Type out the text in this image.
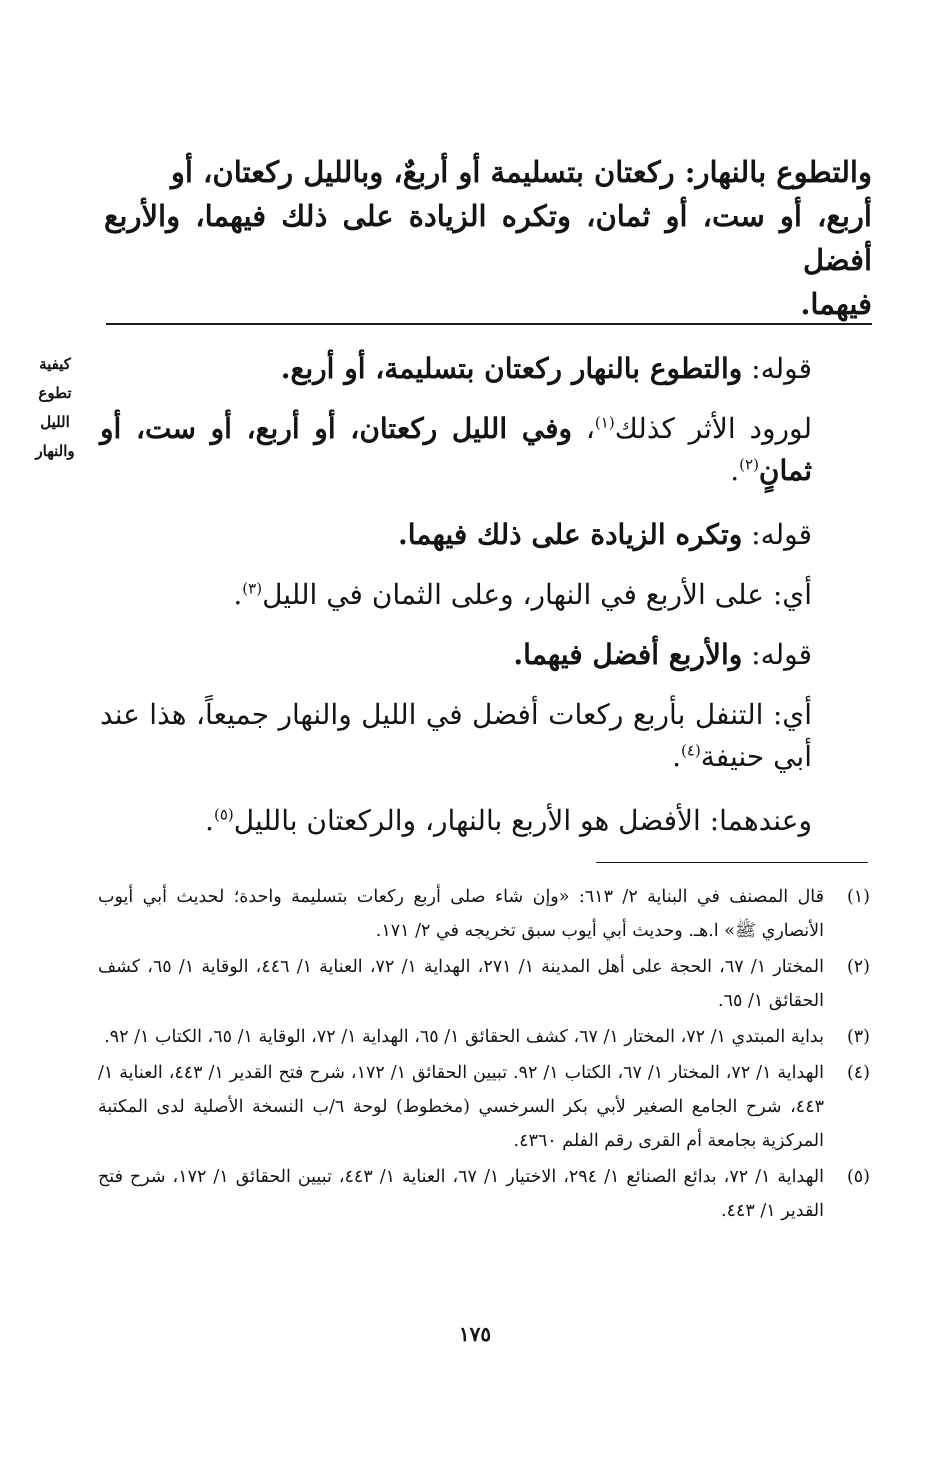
والتطوع بالنهار: ركعتان بتسليمة أو أربعٌ، وبالليل ركعتان، أو

أربع، أو ست، أو ثمان، وتكره الزيادة على ذلك فيهما، والأربع أفضل

فيهما.

كيفية
تطوع
الليل
والنهار

قوله: والتطوع بالنهار ركعتان بتسليمة، أو أربع.

لورود الأثر كذلك$^{(١)}$، وفي الليل ركعتان، أو أربع، أو ست، أو ثمانٍ$^{(٢)}$.

قوله: وتكره الزيادة على ذلك فيهما.

أي: على الأربع في النهار، وعلى الثمان في الليل$^{(٣)}$.

قوله: والأربع أفضل فيهما.

أي: التنفل بأربع ركعات أفضل في الليل والنهار جميعاً، هذا عند أبي حنيفة$^{(٤)}$.

وعندهما: الأفضل هو الأربع بالنهار، والركعتان بالليل$^{(٥)}$.

(١)
قال المصنف في البناية ٢/ ٦١٣: «وإن شاء صلى أربع ركعات بتسليمة واحدة؛ لحديث أبي أيوب الأنصاري ﷺ» ا.هـ. وحديث أبي أيوب سبق تخريجه في ٢/ ١٧١.
(٢)
المختار ١/ ٦٧، الحجة على أهل المدينة ١/ ٢٧١، الهداية ١/ ٧٢، العناية ١/ ٤٤٦، الوقاية ١/ ٦٥، كشف الحقائق ١/ ٦٥.
(٣)
بداية المبتدي ١/ ٧٢، المختار ١/ ٦٧، كشف الحقائق ١/ ٦٥، الهداية ١/ ٧٢، الوقاية ١/ ٦٥، الكتاب ١/ ٩٢.
(٤)
الهداية ١/ ٧٢، المختار ١/ ٦٧، الكتاب ١/ ٩٢. تبيين الحقائق ١/ ١٧٢، شرح فتح القدير ١/ ٤٤٣، العناية ١/ ٤٤٣، شرح الجامع الصغير لأبي بكر السرخسي (مخطوط) لوحة ٦/ب النسخة الأصلية لدى المكتبة المركزية بجامعة أم القرى رقم الفلم ٤٣٦٠.
(٥)
الهداية ١/ ٧٢، بدائع الصنائع ١/ ٢٩٤، الاختيار ١/ ٦٧، العناية ١/ ٤٤٣، تبيين الحقائق ١/ ١٧٢، شرح فتح القدير ١/ ٤٤٣.
١٧٥
